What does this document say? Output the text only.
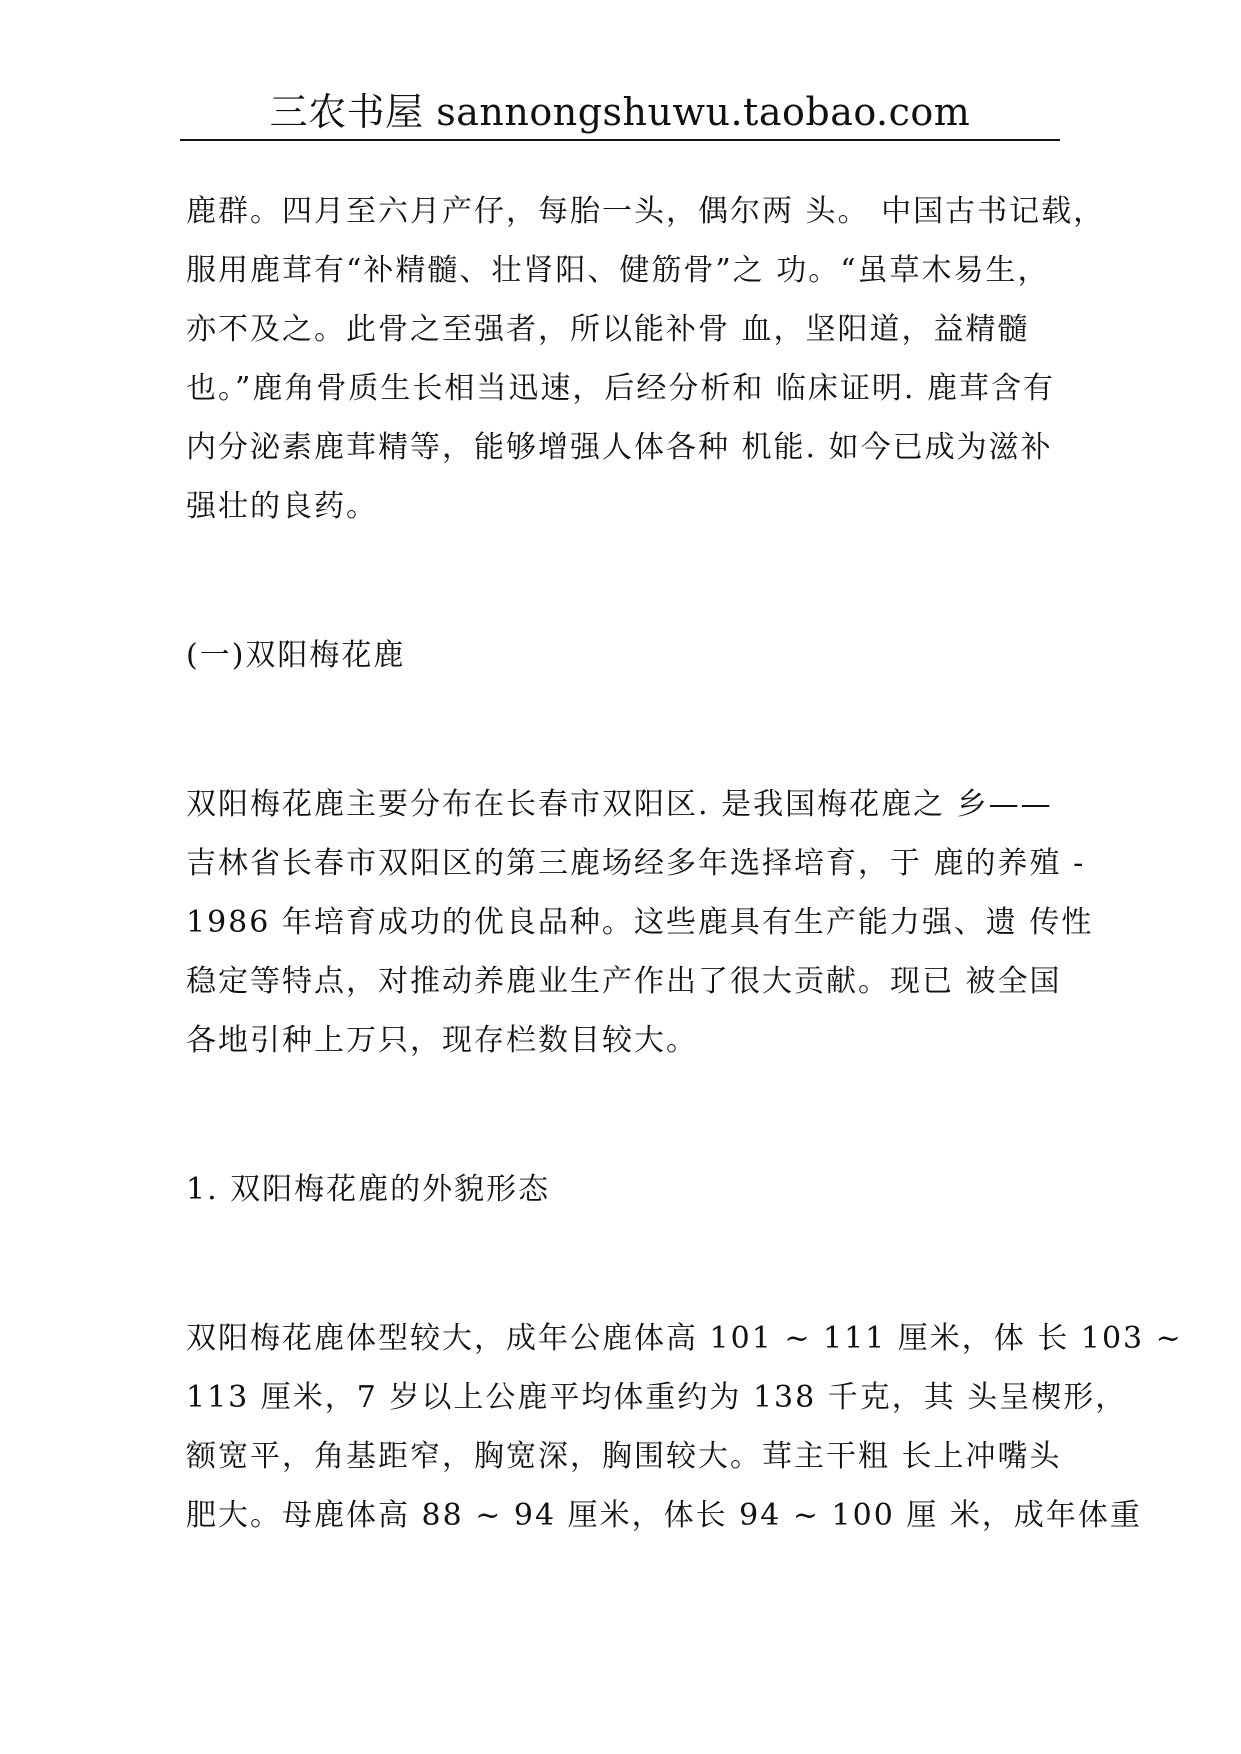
三农书屋 sannongshuwu.taobao.com
鹿群。四月至六月产仔，每胎一头，偶尔两 头。 中国古书记载，
服用鹿茸有“补精髓、壮肾阳、健筋骨”之 功。“虽草木易生，
亦不及之。此骨之至强者，所以能补骨 血，坚阳道，益精髓
也。”鹿角骨质生长相当迅速，后经分析和 临床证明. 鹿茸含有
内分泌素鹿茸精等，能够增强人体各种 机能. 如今已成为滋补
强壮的良药。
(一)双阳梅花鹿
双阳梅花鹿主要分布在长春市双阳区. 是我国梅花鹿之 乡——
吉林省长春市双阳区的第三鹿场经多年选择培育，于 鹿的养殖 -
1986 年培育成功的优良品种。这些鹿具有生产能力强、遗 传性
稳定等特点，对推动养鹿业生产作出了很大贡献。现已 被全国
各地引种上万只，现存栏数目较大。
1. 双阳梅花鹿的外貌形态
双阳梅花鹿体型较大，成年公鹿体高 101 ~ 111 厘米，体 长 103 ~
113 厘米，7 岁以上公鹿平均体重约为 138 千克，其 头呈楔形，
额宽平，角基距窄，胸宽深，胸围较大。茸主干粗 长上冲嘴头
肥大。母鹿体高 88 ~ 94 厘米，体长 94 ~ 100 厘 米，成年体重
